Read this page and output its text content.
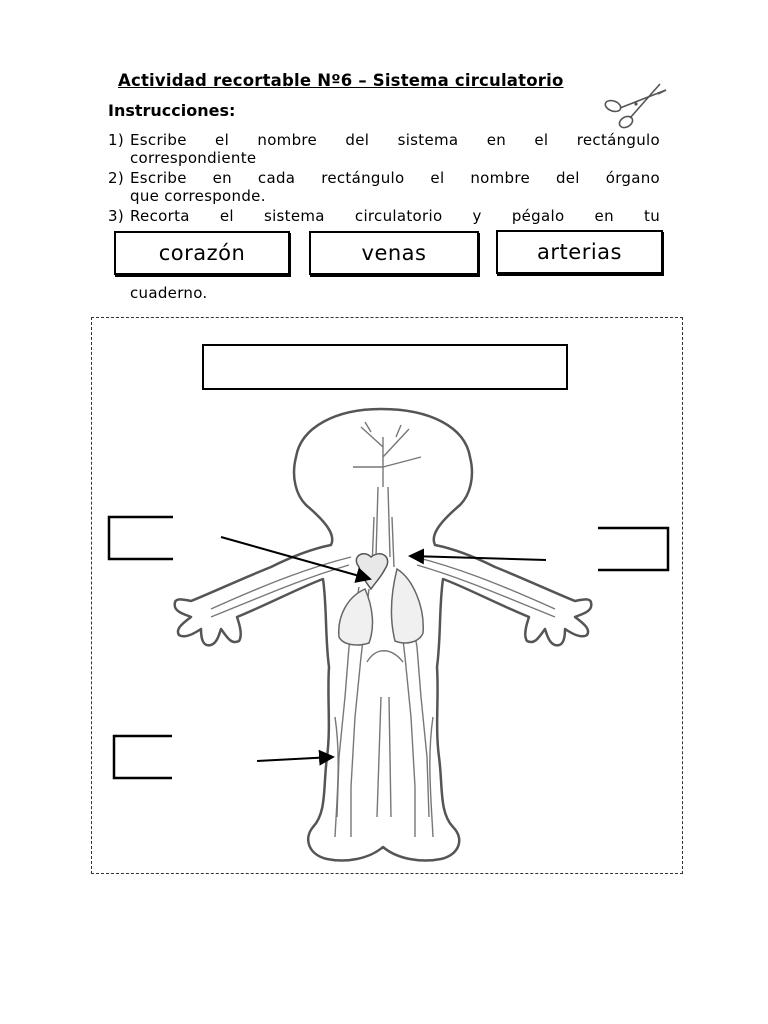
Actividad recortable Nº6 – Sistema circulatorio
Instrucciones:
1) Escribe el nombre del sistema en el rectángulo
correspondiente
2) Escribe en cada rectángulo el nombre del órgano
que corresponde.
3) Recorta el sistema circulatorio y pégalo en tu
corazón	venas	arterias
cuaderno.
